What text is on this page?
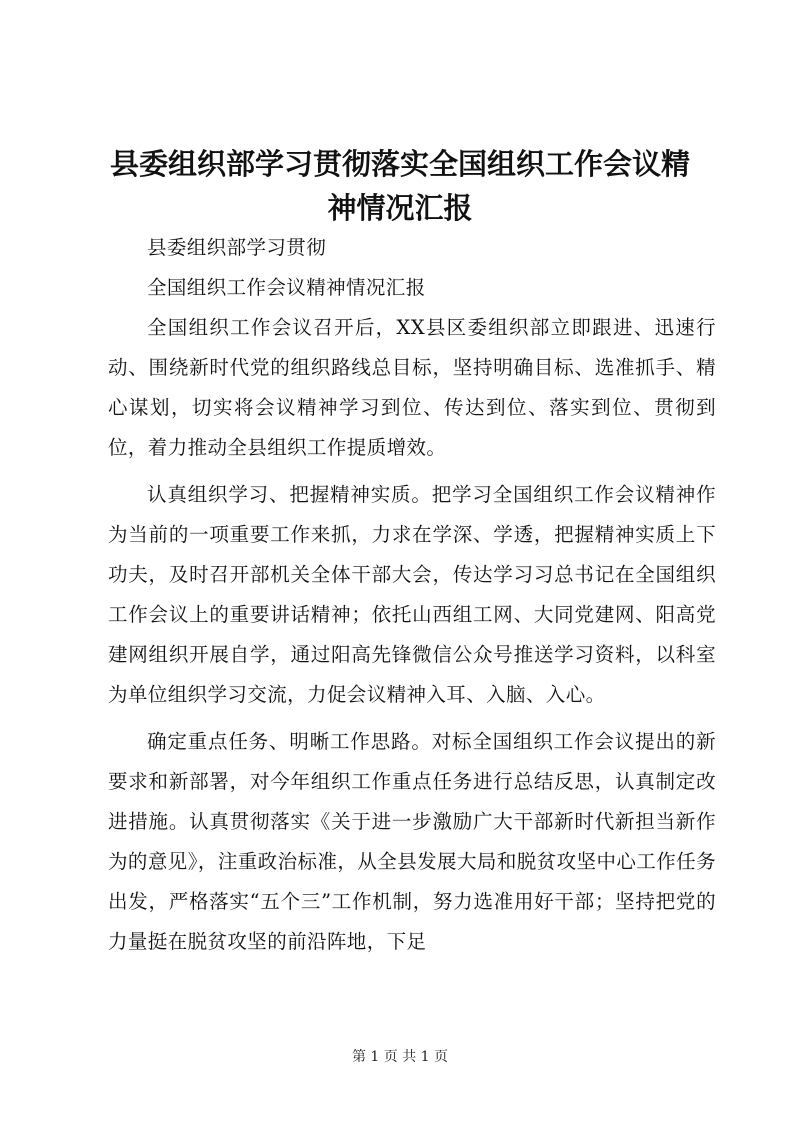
县委组织部学习贯彻落实全国组织工作会议精
神情况汇报

县委组织部学习贯彻

全国组织工作会议精神情况汇报

全国组织工作会议召开后，XX县区委组织部立即跟进、迅速行动、围绕新时代党的组织路线总目标，坚持明确目标、选准抓手、精心谋划，切实将会议精神学习到位、传达到位、落实到位、贯彻到位，着力推动全县组织工作提质增效。

认真组织学习、把握精神实质。把学习全国组织工作会议精神作为当前的一项重要工作来抓，力求在学深、学透，把握精神实质上下功夫，及时召开部机关全体干部大会，传达学习习总书记在全国组织工作会议上的重要讲话精神；依托山西组工网、大同党建网、阳高党建网组织开展自学，通过阳高先锋微信公众号推送学习资料，以科室为单位组织学习交流，力促会议精神入耳、入脑、入心。

确定重点任务、明晰工作思路。对标全国组织工作会议提出的新要求和新部署，对今年组织工作重点任务进行总结反思，认真制定改进措施。认真贯彻落实《关于进一步激励广大干部新时代新担当新作为的意见》，注重政治标准，从全县发展大局和脱贫攻坚中心工作任务出发，严格落实“五个三”工作机制，努力选准用好干部；坚持把党的力量挺在脱贫攻坚的前沿阵地，下足

第 1 页 共 1 页
